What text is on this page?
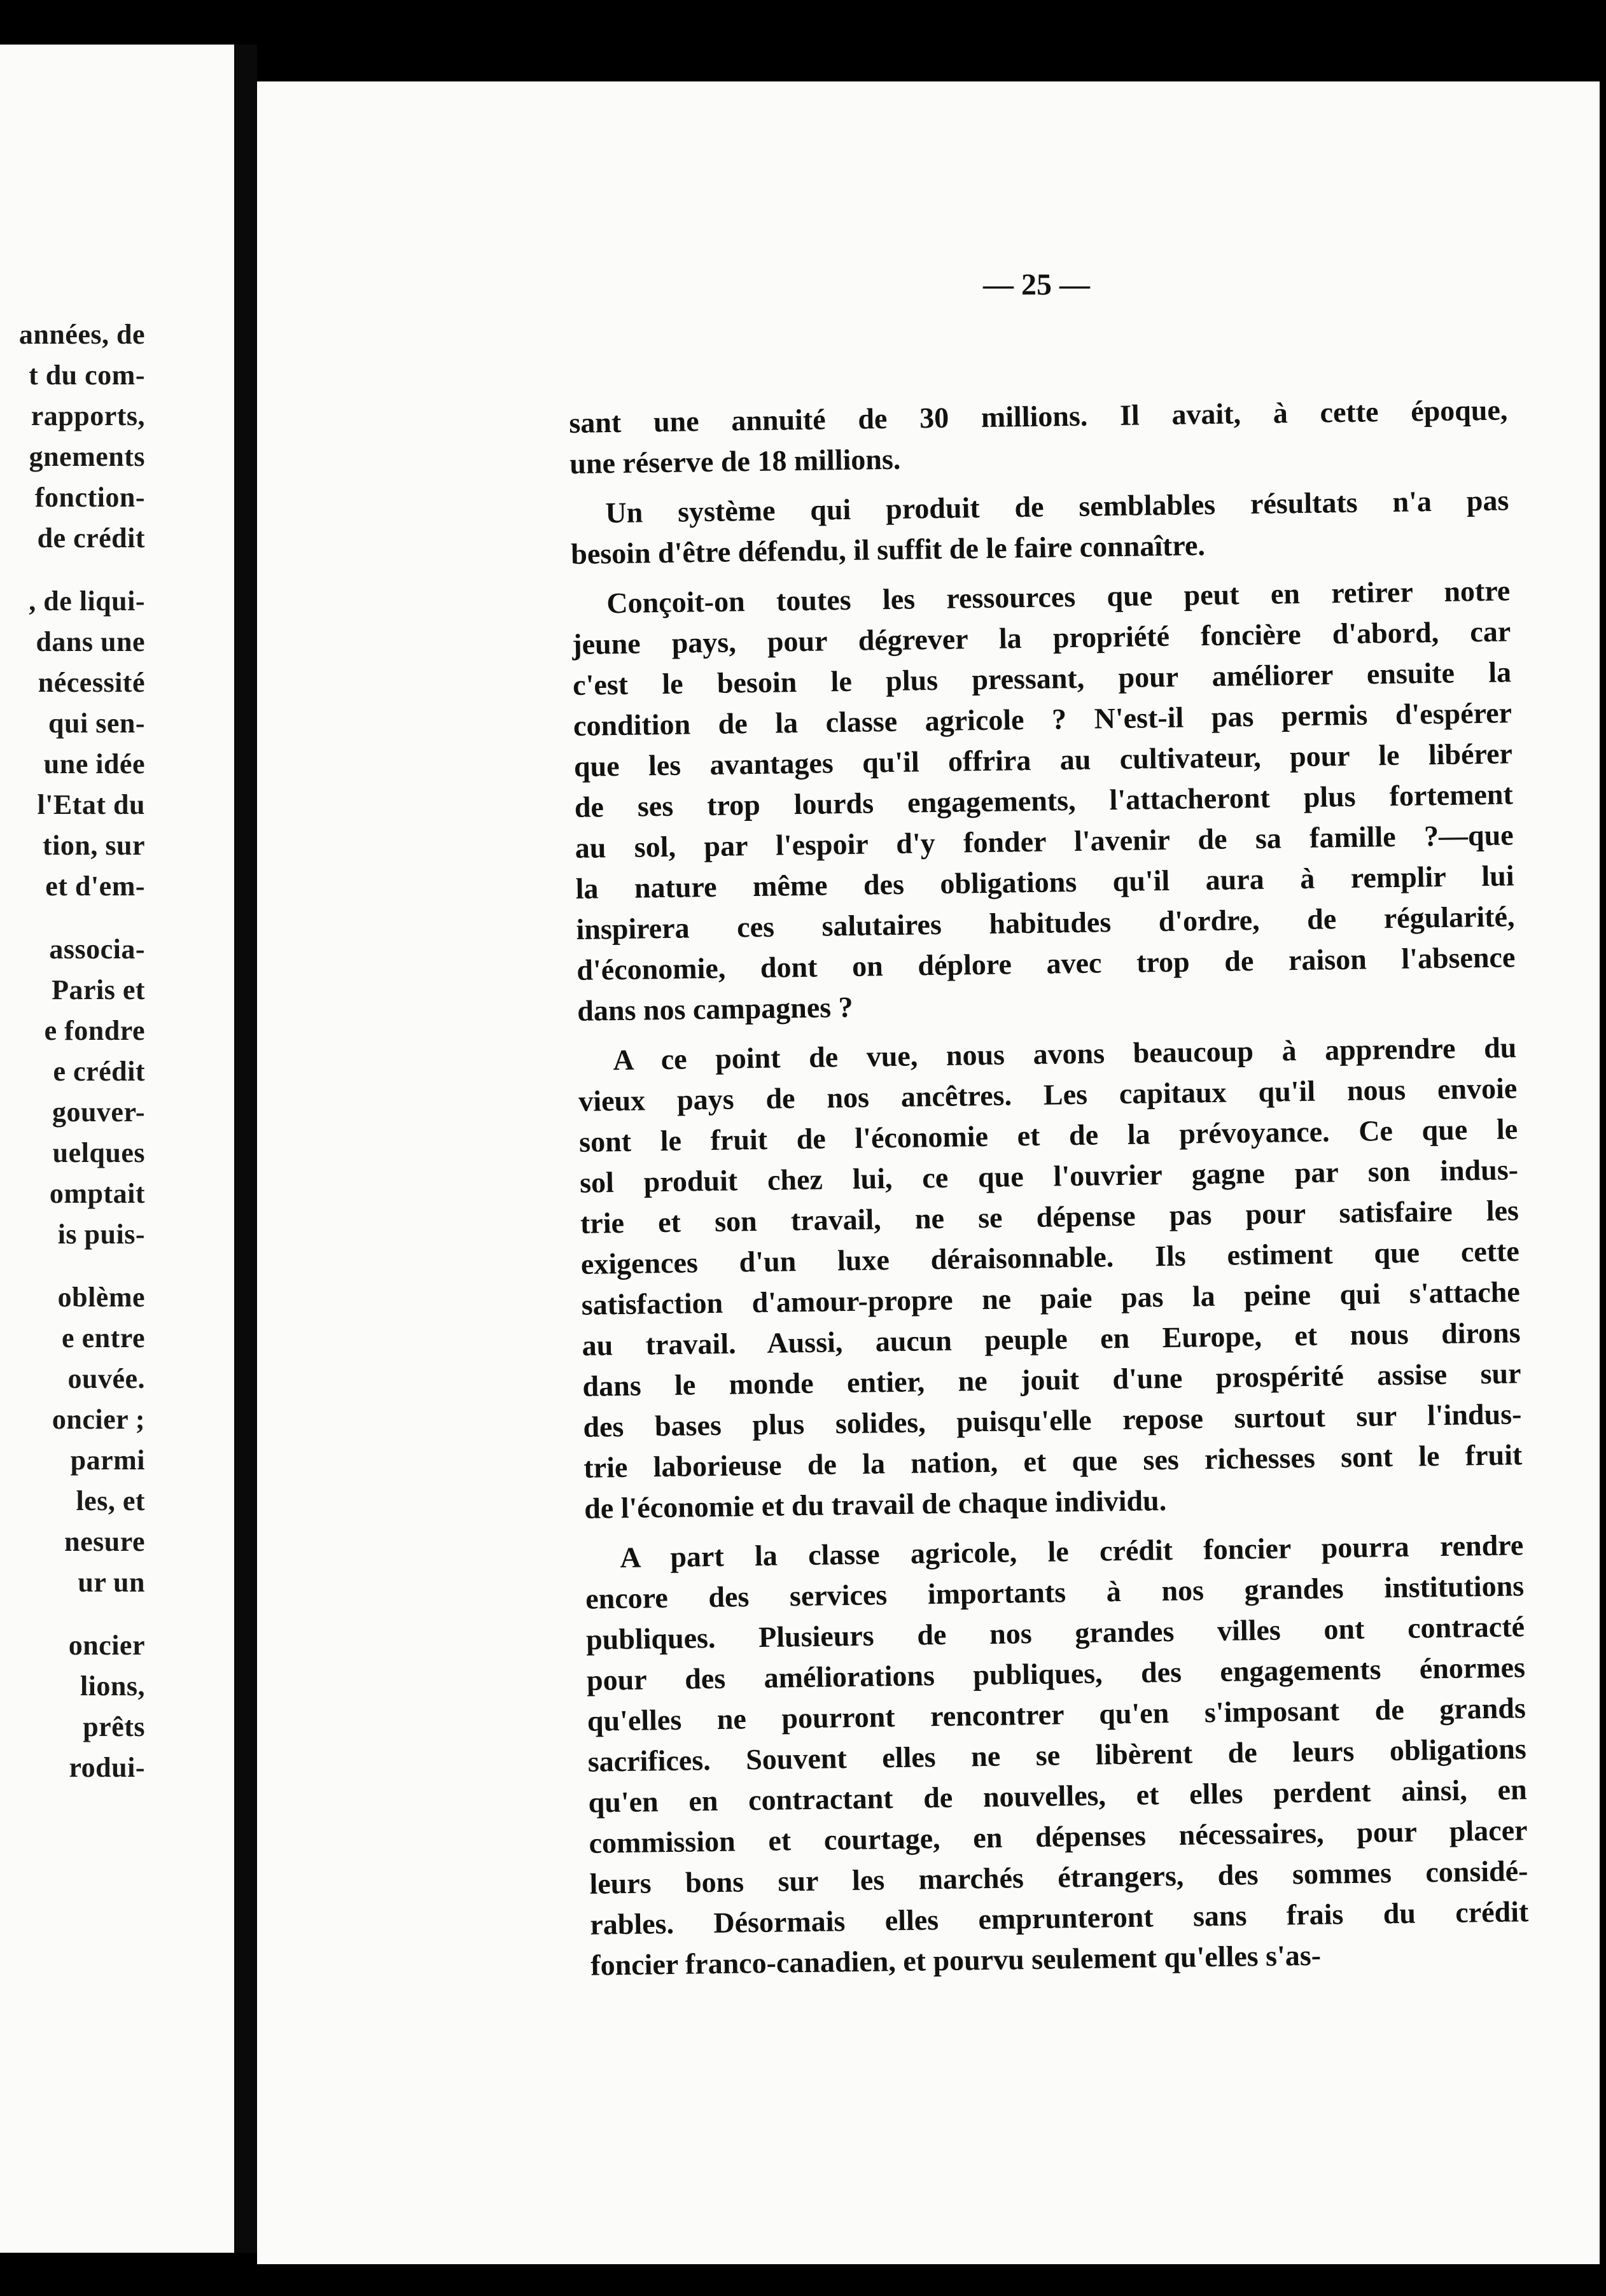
années, de
t du com-
rapports,
gnements
fonction-
de crédit
, de liqui-
dans une
nécessité
qui sen-
une idée
l'Etat du
tion, sur
et d'em-
associa-
Paris et
e fondre
e crédit
gouver-
uelques
omptait
is puis-
oblème
e entre
ouvée.
oncier ;
parmi
les, et
nesure
ur un
oncier
lions,
prêts
rodui-
— 25 —

sant une annuité de 30 millions. Il avait, à cette époque,
une réserve de 18 millions.

Un système qui produit de semblables résultats n'a pas
besoin d'être défendu, il suffit de le faire connaître.

Conçoit-on toutes les ressources que peut en retirer notre
jeune pays, pour dégrever la propriété foncière d'abord, car
c'est le besoin le plus pressant, pour améliorer ensuite la
condition de la classe agricole ? N'est-il pas permis d'espérer
que les avantages qu'il offrira au cultivateur, pour le libérer
de ses trop lourds engagements, l'attacheront plus fortement
au sol, par l'espoir d'y fonder l'avenir de sa famille ?—que
la nature même des obligations qu'il aura à remplir lui
inspirera ces salutaires habitudes d'ordre, de régularité,
d'économie, dont on déplore avec trop de raison l'absence
dans nos campagnes ?

A ce point de vue, nous avons beaucoup à apprendre du
vieux pays de nos ancêtres. Les capitaux qu'il nous envoie
sont le fruit de l'économie et de la prévoyance. Ce que le
sol produit chez lui, ce que l'ouvrier gagne par son indus-
trie et son travail, ne se dépense pas pour satisfaire les
exigences d'un luxe déraisonnable. Ils estiment que cette
satisfaction d'amour-propre ne paie pas la peine qui s'attache
au travail. Aussi, aucun peuple en Europe, et nous dirons
dans le monde entier, ne jouit d'une prospérité assise sur
des bases plus solides, puisqu'elle repose surtout sur l'indus-
trie laborieuse de la nation, et que ses richesses sont le fruit
de l'économie et du travail de chaque individu.

A part la classe agricole, le crédit foncier pourra rendre
encore des services importants à nos grandes institutions
publiques. Plusieurs de nos grandes villes ont contracté
pour des améliorations publiques, des engagements énormes
qu'elles ne pourront rencontrer qu'en s'imposant de grands
sacrifices. Souvent elles ne se libèrent de leurs obligations
qu'en en contractant de nouvelles, et elles perdent ainsi, en
commission et courtage, en dépenses nécessaires, pour placer
leurs bons sur les marchés étrangers, des sommes considé-
rables. Désormais elles emprunteront sans frais du crédit
foncier franco-canadien, et pourvu seulement qu'elles s'as-
